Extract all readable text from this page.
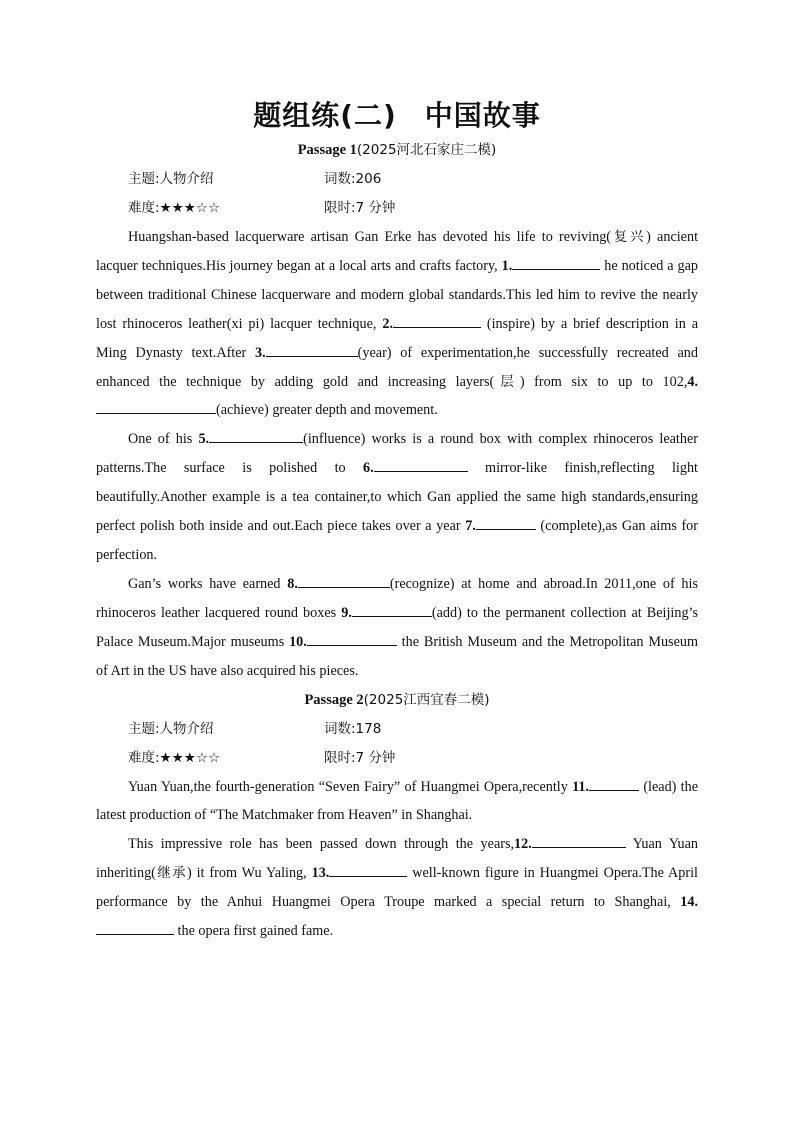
题组练(二) 中国故事
Passage 1(2025河北石家庄二模)
主题:人物介绍	词数:206
难度:★★★☆☆	限时:7 分钟

Huangshan-based lacquerware artisan Gan Erke has devoted his life to reviving(复兴) ancient lacquer techniques.His journey began at a local arts and crafts factory, 1.	he noticed a gap between traditional Chinese lacquerware and modern global standards.This led him to revive the nearly lost rhinoceros leather(xi pi) lacquer technique, 2.	(inspire) by a brief description in a Ming Dynasty text.After 3.	(year) of experimentation,he successfully recreated and enhanced the technique by adding gold and increasing layers(层) from six to up to 102,4.(achieve) greater depth and movement.

One of his 5.	(influence) works is a round box with complex rhinoceros leather patterns.The surface is polished to 6.	mirror-like finish,reflecting light beautifully.Another example is a tea container,to which Gan applied the same high standards,ensuring perfect polish both inside and out.Each piece takes over a year 7.	(complete),as Gan aims for perfection.

Gan’s works have earned 8.	(recognize) at home and abroad.In 2011,one of his rhinoceros leather lacquered round boxes 9.	(add) to the permanent collection at Beijing’s Palace Museum.Major museums 10.	the British Museum and the Metropolitan Museum of Art in the US have also acquired his pieces.

Passage 2(2025江西宜春二模)
主题:人物介绍	词数:178
难度:★★★☆☆	限时:7 分钟

Yuan Yuan,the fourth-generation “Seven Fairy” of Huangmei Opera,recently 11.	(lead) the latest production of “The Matchmaker from Heaven” in Shanghai.

This impressive role has been passed down through the years,12.	Yuan Yuan inheriting(继承) it from Wu Yaling, 13.	well-known figure in Huangmei Opera.The April performance by the Anhui Huangmei Opera Troupe marked a special return to Shanghai, 14. the opera first gained fame.
